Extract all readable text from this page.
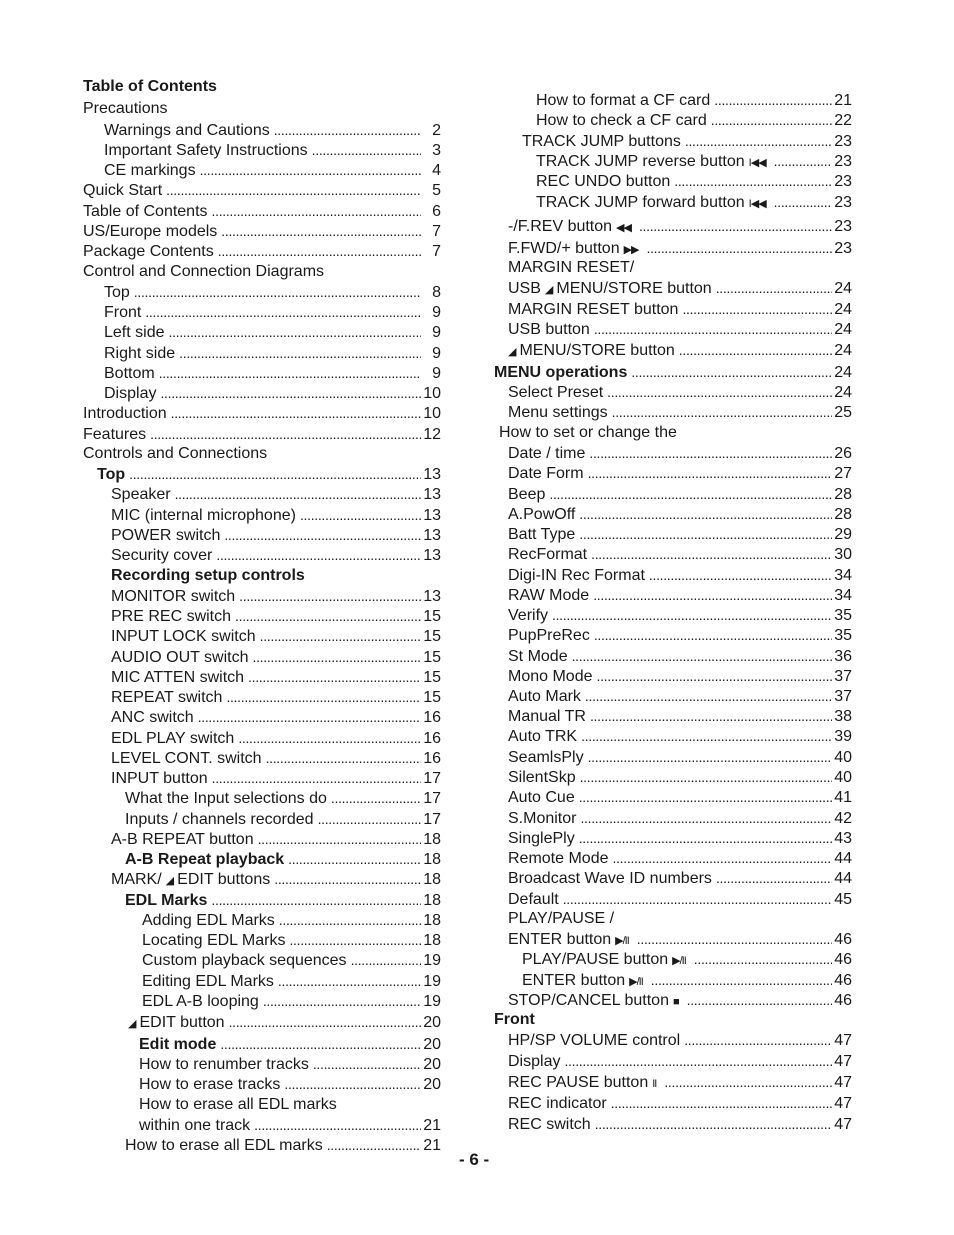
Table of Contents
Precautions
Warnings and Cautions . . .	2
Important Safety Instructions . . .	3
CE markings . . .	4
Quick Start . . .	5
Table of Contents . . .	6
US/Europe models . . .	7
Package Contents . . .	7
Control and Connection Diagrams
Top . . .	8
Front . . .	9
Left side . . .	9
Right side . . .	9
Bottom . . .	9
Display . . .	10
Introduction . . .	10
Features . . .	12
Controls and Connections
Top . . .	13
Speaker . . .	13
MIC (internal microphone) . . .	13
POWER switch . . .	13
Security cover . . .	13
Recording setup controls
MONITOR switch . . .	13
PRE REC switch . . .	15
INPUT LOCK switch . . .	15
AUDIO OUT switch . . .	15
MIC ATTEN switch . . .	15
REPEAT switch . . .	15
ANC switch . . .	16
EDL PLAY switch . . .	16
LEVEL CONT. switch . . .	16
INPUT button . . .	17
What the Input selections do . . .	17
Inputs / channels recorded . . .	17
A-B REPEAT button . . .	18
A-B Repeat playback . . .	18
MARK/ ◢ EDIT buttons . . .	18
EDL Marks . . .	18
Adding EDL Marks . . .	18
Locating EDL Marks . . .	18
Custom playback sequences . . .	19
Editing EDL Marks . . .	19
EDL A-B looping . . .	19
◢ EDIT button . . .	20
Edit mode . . .	20
How to renumber tracks . . .	20
How to erase tracks . . .	20
How to erase all EDL marks
within one track . . .	21
How to erase all EDL marks . . .	21
How to format a CF card . . .	21
How to check a CF card . . .	22
TRACK JUMP buttons . . .	23
TRACK JUMP reverse button I◀◀ . . .	23
REC UNDO button . . .	23
TRACK JUMP forward button I◀◀ . . .	23
-/F.REV button ◀◀ . . .	23
F.FWD/+ button ▶▶ . . .	23
MARGIN RESET/
USB ◢ MENU/STORE button . . .	24
MARGIN RESET button . . .	24
USB button . . .	24
◢ MENU/STORE button . . .	24
MENU operations . . .	24
Select Preset . . .	24
Menu settings . . .	25
How to set or change the
Date / time . . .	26
Date Form . . .	27
Beep . . .	28
A.PowOff . . .	28
Batt Type . . .	29
RecFormat . . .	30
Digi-IN Rec Format . . .	34
RAW Mode . . .	34
Verify . . .	35
PupPreRec . . .	35
St Mode . . .	36
Mono Mode . . .	37
Auto Mark . . .	37
Manual TR . . .	38
Auto TRK . . .	39
SeamlsPly . . .	40
SilentSkp . . .	40
Auto Cue . . .	41
S.Monitor . . .	42
SinglePly . . .	43
Remote Mode . . .	44
Broadcast Wave ID numbers . . .	44
Default . . .	45
PLAY/PAUSE /
ENTER button ▶/II . . .	46
PLAY/PAUSE button ▶/II . . .	46
ENTER button ▶/II . . .	46
STOP/CANCEL button ■ . . .	46
Front
HP/SP VOLUME control . . .	47
Display . . .	47
REC PAUSE button II . . .	47
REC indicator . . .	47
REC switch . . .	47
- 6 -
